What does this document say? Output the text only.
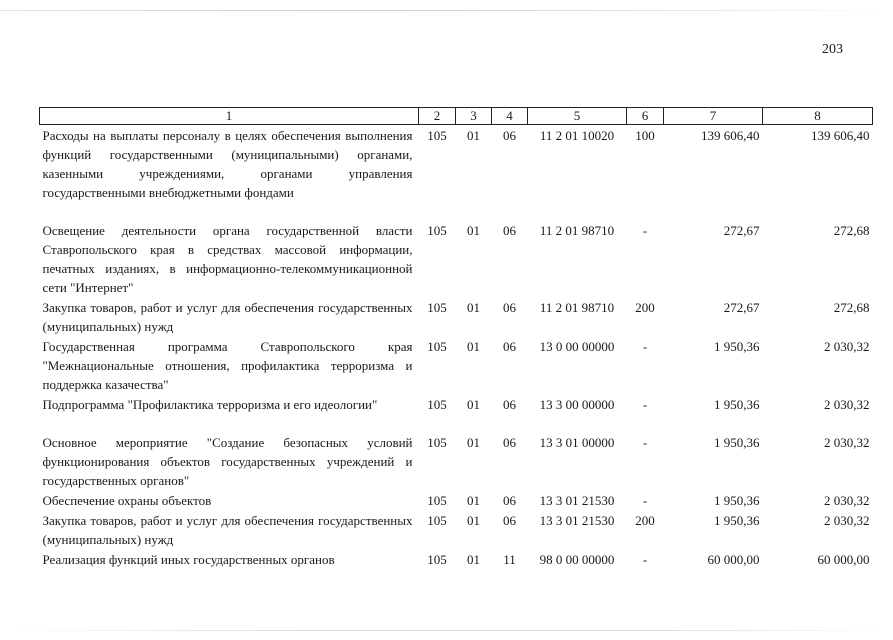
203
1	2	3	4	5	6	7	8
Расходы на выплаты персоналу в целях обеспечения выполнения функций государственными (муниципальными) органами, казенными учреждениями, органами управления государственными внебюджетными фондами	105	01	06	11 2 01 10020	100	139 606,40	139 606,40
Освещение деятельности органа государственной власти Ставропольского края в средствах массовой информации, печатных изданиях, в информационно-телекоммуникационной сети "Интернет"	105	01	06	11 2 01 98710	-	272,67	272,68
Закупка товаров, работ и услуг для обеспечения государственных (муниципальных) нужд	105	01	06	11 2 01 98710	200	272,67	272,68
Государственная программа Ставропольского края "Межнациональные отношения, профилактика терроризма и поддержка казачества"	105	01	06	13 0 00 00000	-	1 950,36	2 030,32
Подпрограмма "Профилактика терроризма и его идеологии"	105	01	06	13 3 00 00000	-	1 950,36	2 030,32
Основное мероприятие "Создание безопасных условий функционирования объектов государственных учреждений и государственных органов"	105	01	06	13 3 01 00000	-	1 950,36	2 030,32
Обеспечение охраны объектов	105	01	06	13 3 01 21530	-	1 950,36	2 030,32
Закупка товаров, работ и услуг для обеспечения государственных (муниципальных) нужд	105	01	06	13 3 01 21530	200	1 950,36	2 030,32
Реализация функций иных государственных органов	105	01	11	98 0 00 00000	-	60 000,00	60 000,00
